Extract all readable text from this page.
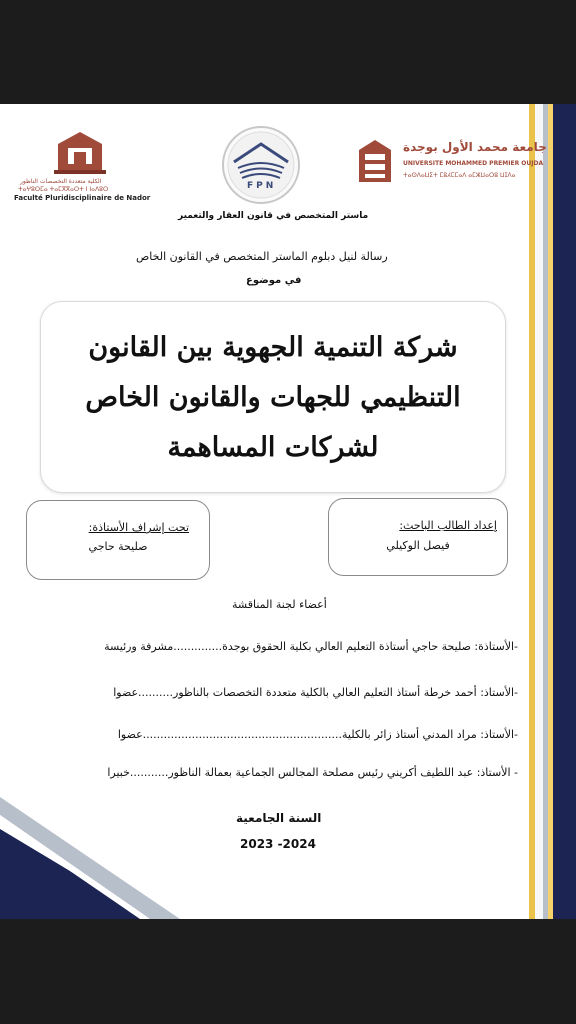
الكلية متعددة التخصصات الناظور
ⵜⴰⵖⵓⵔⵎⴰ ⵜⴰⵎⴳⴳⴰⵔⵜ ⵏ ⵏⴰⴷⵓⵔ
Faculté Pluridisciplinaire de Nador
FPN
جامعة محمد الأول بوجدة
UNIVERSITE MOHAMMED PREMIER OUJDA
ⵜⴰⵙⴷⴰⵡⵉⵜ ⵎⵓⵃⵎⵎⴰⴷ ⴰⵎⵣⵡⴰⵔⵓ ⵡⵊⴷⴰ
ماستر المتخصص في قانون العقار والتعمير
رسالة لنيل دبلوم الماستر المتخصص في القانون الخاص
في موضوع
شركة التنمية الجهوية بين القانون
التنظيمي للجهات والقانون الخاص
لشركات المساهمة
إعداد الطالب الباحث:
فيصل الوكيلي
تحت إشراف الأستاذة:
صليحة حاجي
أعضاء لجنة المناقشة
-الأستاذة: صليحة حاجي أستاذة التعليم العالي بكلية الحقوق بوجدة..............مشرفة ورئيسة
-الأستاذ: أحمد خرطة أستاذ التعليم العالي بالكلية متعددة التخصصات بالناظور..........عضوا
-الأستاذ: مراد المدني أستاذ زائر بالكلية.........................................................عضوا
- الأستاذ: عبد اللطيف أكريني رئيس مصلحة المجالس الجماعية بعمالة الناظور...........خبيرا
السنة الجامعية
2023 -2024
